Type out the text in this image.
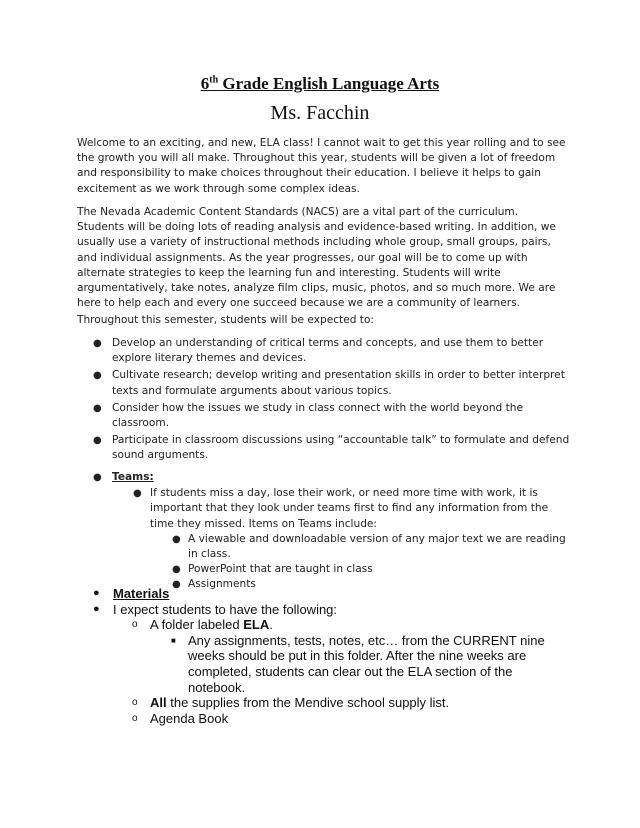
6th Grade English Language Arts
Ms. Facchin

Welcome to an exciting, and new, ELA class! I cannot wait to get this year rolling and to see the growth you will all make. Throughout this year, students will be given a lot of freedom and responsibility to make choices throughout their education. I believe it helps to gain excitement as we work through some complex ideas.

The Nevada Academic Content Standards (NACS) are a vital part of the curriculum. Students will be doing lots of reading analysis and evidence-based writing. In addition, we usually use a variety of instructional methods including whole group, small groups, pairs, and individual assignments. As the year progresses, our goal will be to come up with alternate strategies to keep the learning fun and interesting. Students will write argumentatively, take notes, analyze film clips, music, photos, and so much more. We are here to help each and every one succeed because we are a community of learners.

Throughout this semester, students will be expected to:

● Develop an understanding of critical terms and concepts, and use them to better explore literary themes and devices.
● Cultivate research; develop writing and presentation skills in order to better interpret texts and formulate arguments about various topics.
● Consider how the issues we study in class connect with the world beyond the classroom.
● Participate in classroom discussions using “accountable talk” to formulate and defend sound arguments.
● Teams:
● If students miss a day, lose their work, or need more time with work, it is important that they look under teams first to find any information from the time they missed. Items on Teams include:
● A viewable and downloadable version of any major text we are reading in class.
● PowerPoint that are taught in class
● Assignments
● Materials
● I expect students to have the following:
o A folder labeled ELA.
■ Any assignments, tests, notes, etc… from the CURRENT nine weeks should be put in this folder. After the nine weeks are completed, students can clear out the ELA section of the notebook.
o All the supplies from the Mendive school supply list.
o Agenda Book
